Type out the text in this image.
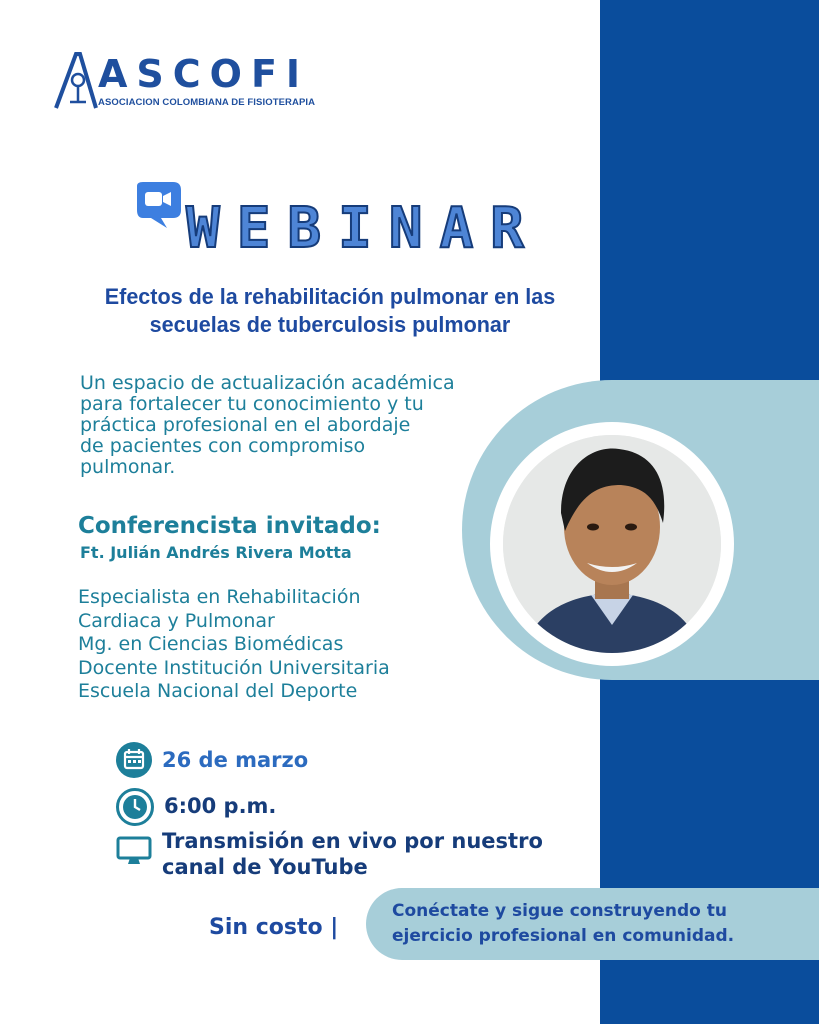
ASCOFI
ASOCIACION COLOMBIANA DE FISIOTERAPIA
WEBINAR
Efectos de la rehabilitación pulmonar en las
secuelas de tuberculosis pulmonar
Un espacio de actualización académica
para fortalecer tu conocimiento y tu
práctica profesional en el abordaje
de pacientes con compromiso
pulmonar.
Conferencista invitado:
Ft. Julián Andrés Rivera Motta
Especialista en Rehabilitación
Cardiaca y Pulmonar
Mg. en Ciencias Biomédicas
Docente Institución Universitaria
Escuela Nacional del Deporte
26 de marzo
6:00 p.m.
Transmisión en vivo por nuestro
canal de YouTube
Sin costo |
Conéctate y sigue construyendo tu
ejercicio profesional en comunidad.
